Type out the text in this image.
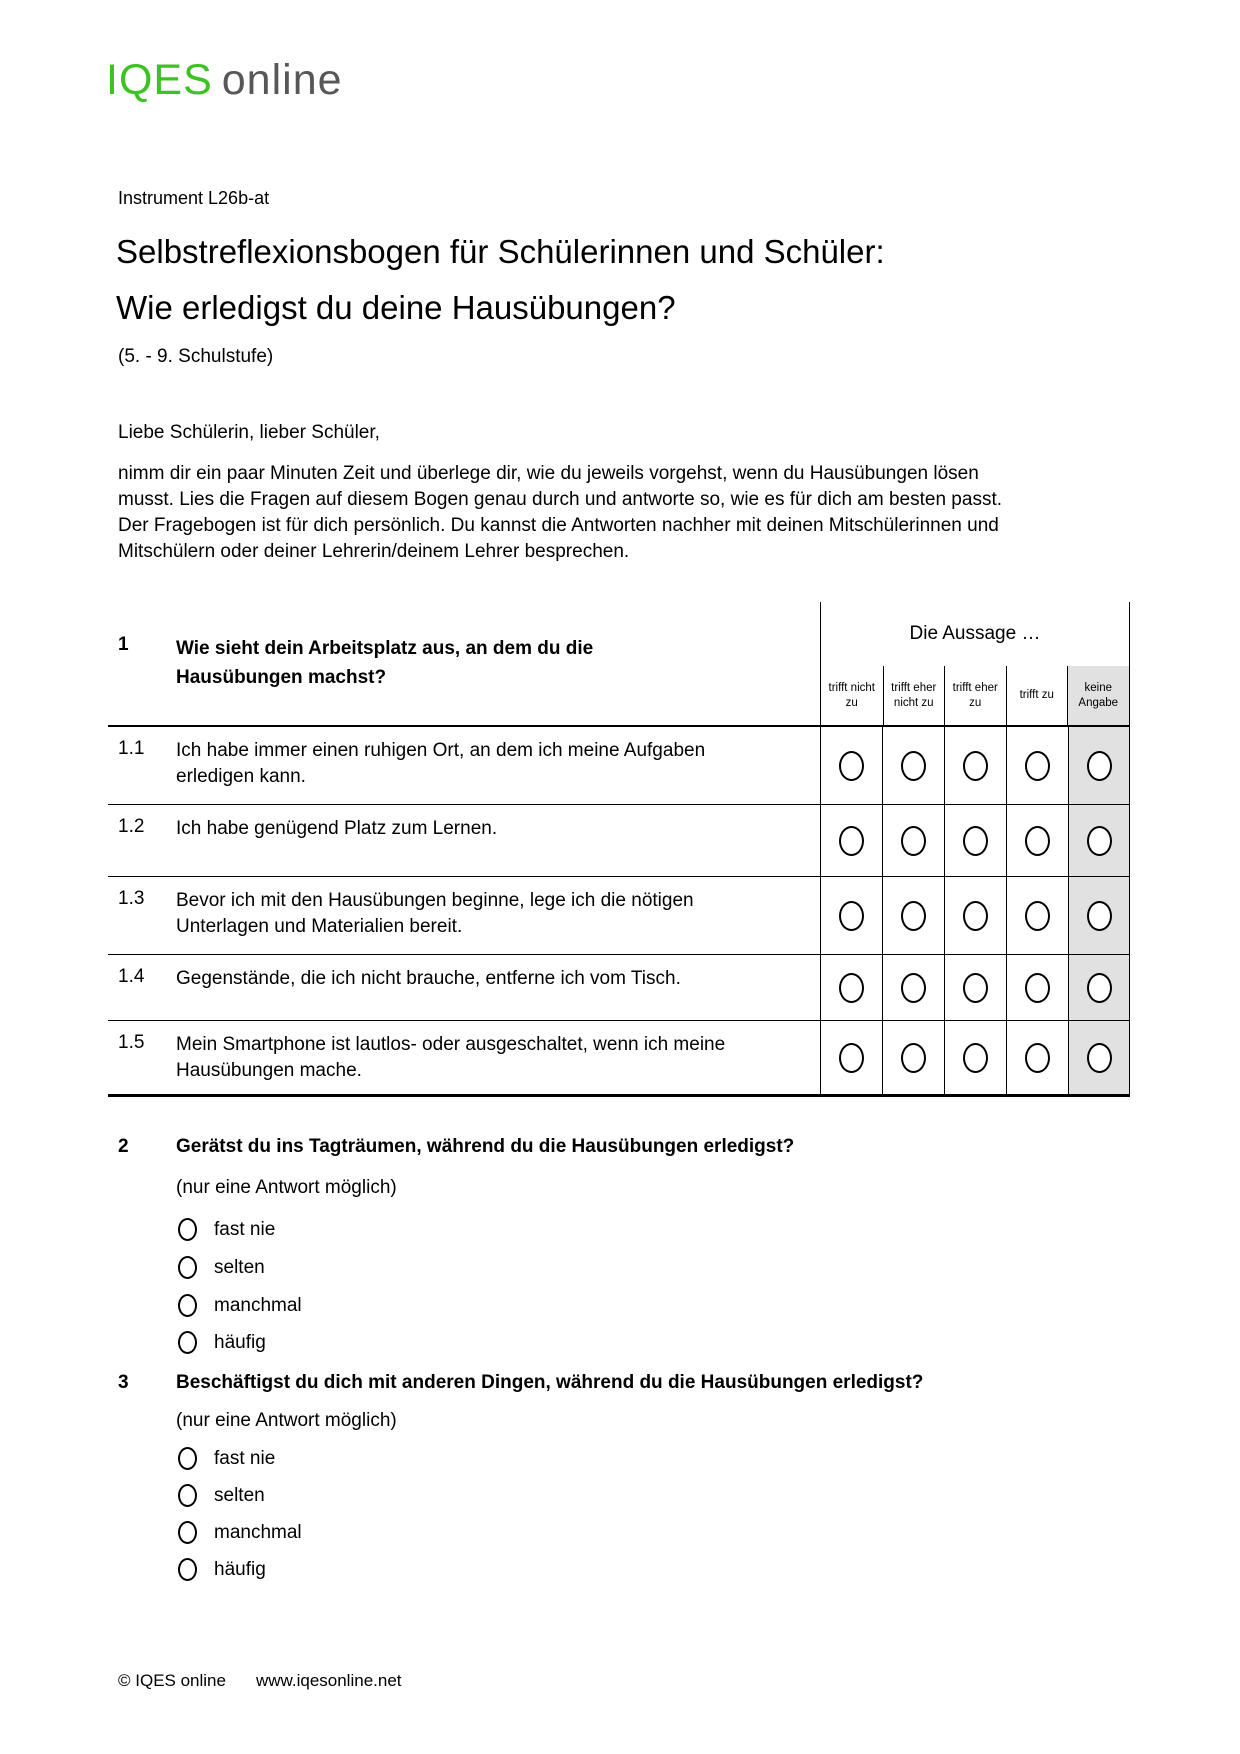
IQES online
Instrument L26b-at
Selbstreflexionsbogen für Schülerinnen und Schüler:
Wie erledigst du deine Hausübungen?
(5. - 9. Schulstufe)
Liebe Schülerin, lieber Schüler,
nimm dir ein paar Minuten Zeit und überlege dir, wie du jeweils vorgehst, wenn du Hausübungen lösen musst. Lies die Fragen auf diesem Bogen genau durch und antworte so, wie es für dich am besten passt. Der Fragebogen ist für dich persönlich. Du kannst die Antworten nachher mit deinen Mitschülerinnen und Mitschülern oder deiner Lehrerin/deinem Lehrer besprechen.
1 Wie sieht dein Arbeitsplatz aus, an dem du die Hausübungen machst?
Die Aussage …
trifft nicht zu
trifft eher nicht zu
trifft eher zu
trifft zu
keine Angabe
1.1 Ich habe immer einen ruhigen Ort, an dem ich meine Aufgaben erledigen kann.
1.2 Ich habe genügend Platz zum Lernen.
1.3 Bevor ich mit den Hausübungen beginne, lege ich die nötigen Unterlagen und Materialien bereit.
1.4 Gegenstände, die ich nicht brauche, entferne ich vom Tisch.
1.5 Mein Smartphone ist lautlos- oder ausgeschaltet, wenn ich meine Hausübungen mache.
2 Gerätst du ins Tagträumen, während du die Hausübungen erledigst?
(nur eine Antwort möglich)
fast nie
selten
manchmal
häufig
3 Beschäftigst du dich mit anderen Dingen, während du die Hausübungen erledigst?
(nur eine Antwort möglich)
fast nie
selten
manchmal
häufig
© IQES online www.iqesonline.net
